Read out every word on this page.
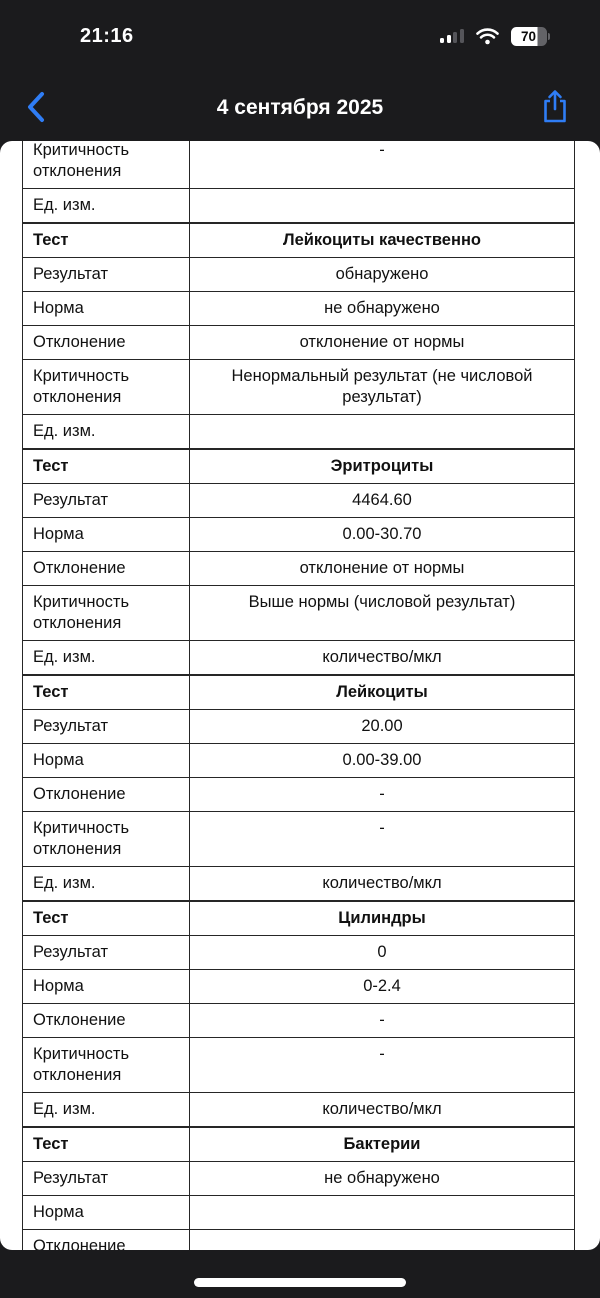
21:16	70
4 сентября 2025
Критичность отклонения	-
Ед. изм.	
Тест	Лейкоциты качественно
Результат	обнаружено
Норма	не обнаружено
Отклонение	отклонение от нормы
Критичность отклонения	Ненормальный результат (не числовой результат)
Ед. изм.	
Тест	Эритроциты
Результат	4464.60
Норма	0.00-30.70
Отклонение	отклонение от нормы
Критичность отклонения	Выше нормы (числовой результат)
Ед. изм.	количество/мкл
Тест	Лейкоциты
Результат	20.00
Норма	0.00-39.00
Отклонение	-
Критичность отклонения	-
Ед. изм.	количество/мкл
Тест	Цилиндры
Результат	0
Норма	0-2.4
Отклонение	-
Критичность отклонения	-
Ед. изм.	количество/мкл
Тест	Бактерии
Результат	не обнаружено
Норма	
Отклонение	
